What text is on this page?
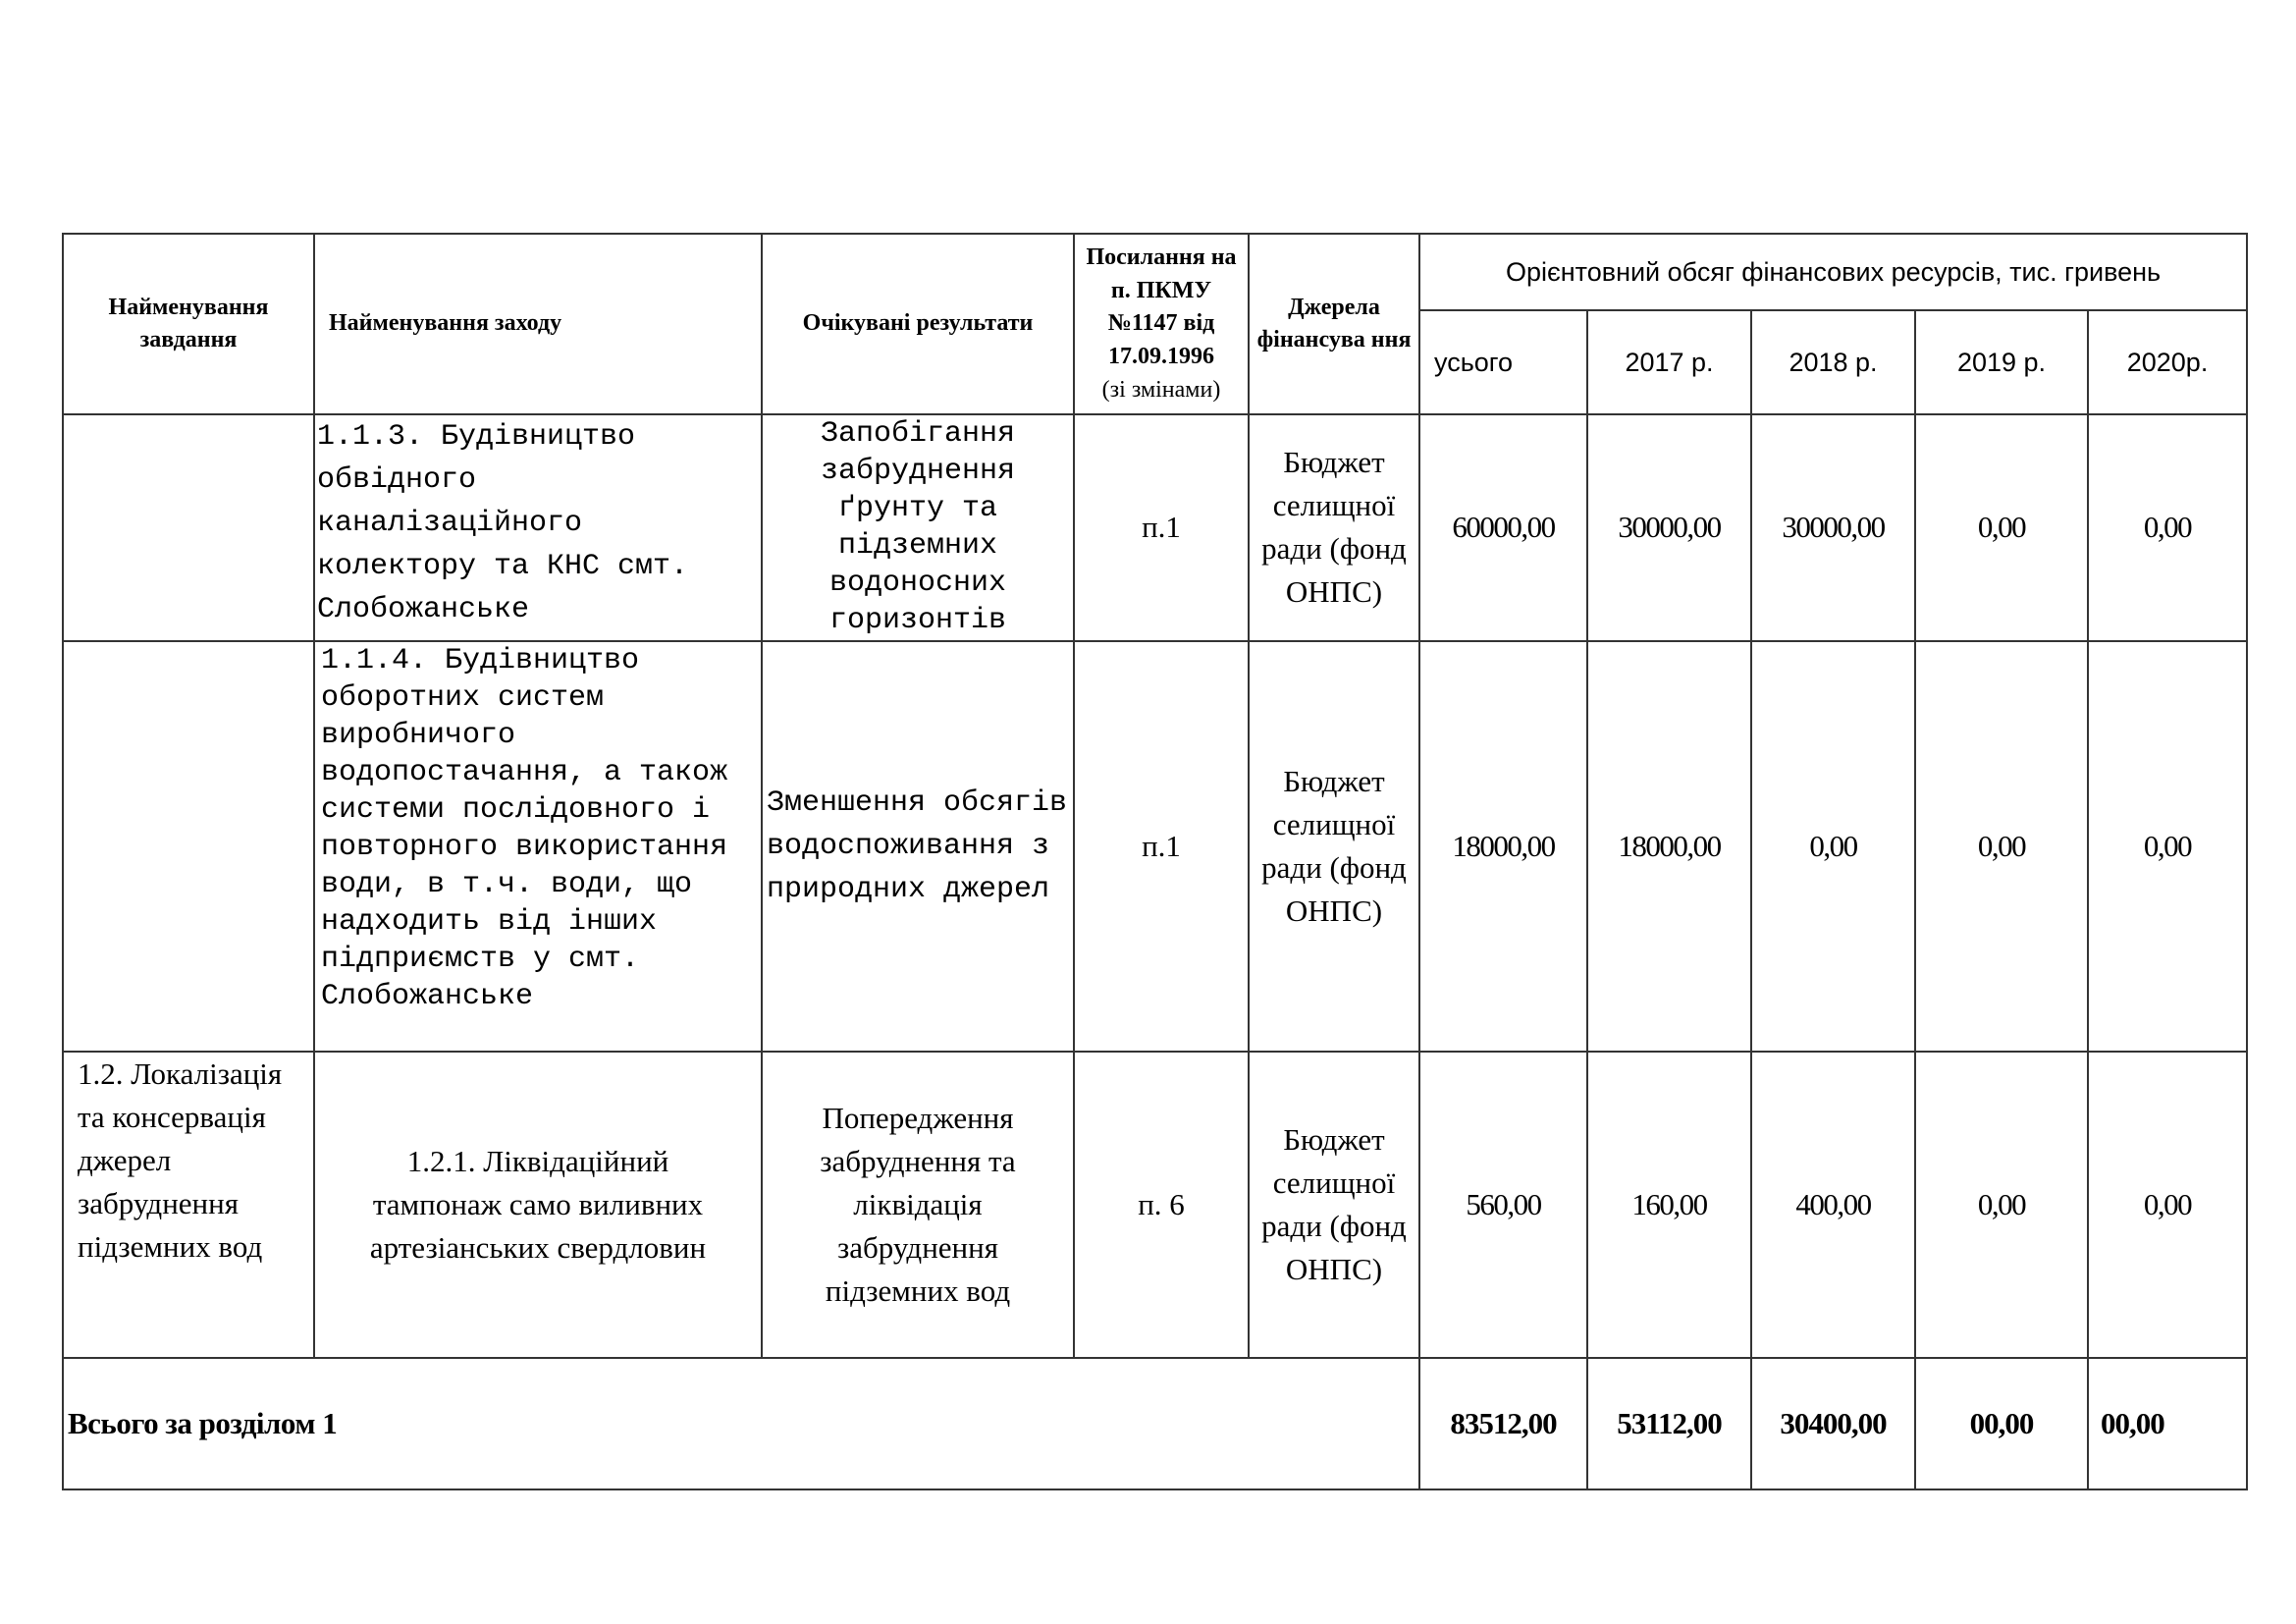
Найменування завдання	Найменування заходу	Очікувані результати	Посилання на п. ПКМУ №1147 від 17.09.1996
(зі змінами)	Джерела фінансува ння	Орієнтовний обсяг фінансових ресурсів, тис. гривень				
					усього	2017 р.	2018 р.	2019 р.	2020р.
	1.1.3. Будівництво обвідного каналізаційного колектору та КНС смт. Слобожанське	Запобігання забруднення ґрунту та підземних водоносних горизонтів	п.1	Бюджет селищної ради (фонд ОНПС)	60000,00	30000,00	30000,00	0,00	0,00
	1.1.4. Будівництво оборотних систем виробничого водопостачання, а також системи послідовного і повторного використання води, в т.ч. води, що надходить від інших підприємств у смт. Слобожанське	Зменшення обсягів водоспоживання з природних джерел	п.1	Бюджет селищної ради (фонд ОНПС)	18000,00	18000,00	0,00	0,00	0,00
1.2. Локалізація та консервація джерел забруднення підземних вод	1.2.1. Ліквідаційний тампонаж само виливних артезіанських свердловин	Попередження забруднення та ліквідація забруднення підземних вод	п. 6	Бюджет селищної ради (фонд ОНПС)	560,00	160,00	400,00	0,00	0,00
Всього за розділом 1					83512,00	53112,00	30400,00	00,00	00,00
